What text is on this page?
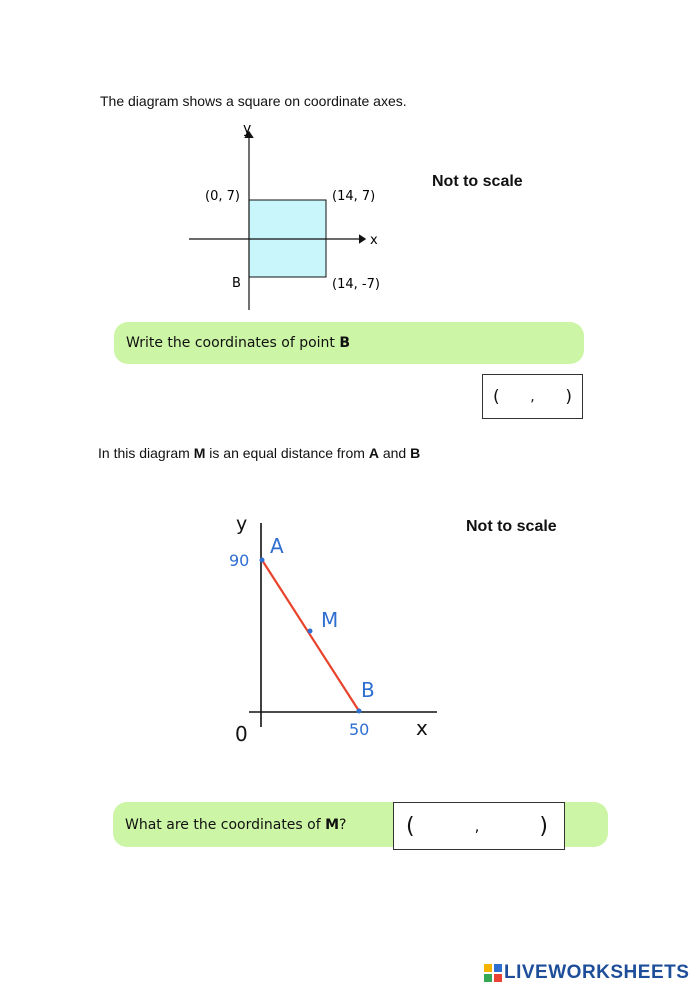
The diagram shows a square on coordinate axes.
Not to scale
y
x
(0, 7)	(14, 7)
(14, -7)
B
Write the coordinates of point B
( , )
In this diagram M is an equal distance from A and B
Not to scale
y
x
0
90
50
A
M
B
What are the coordinates of M ?	(	,	)
LIVEWORKSHEETS
